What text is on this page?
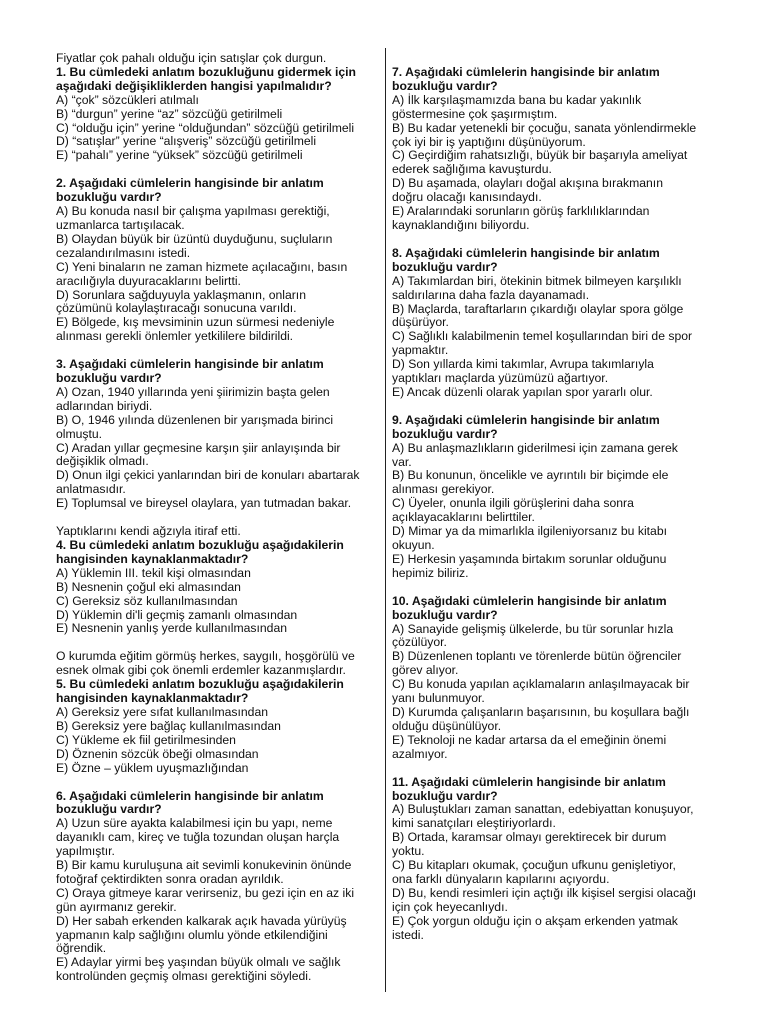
Fiyatlar çok pahalı olduğu için satışlar çok durgun.
1. Bu cümledeki anlatım bozukluğunu gidermek için
aşağıdaki değişikliklerden hangisi yapılmalıdır?
A) “çok” sözcükleri atılmalı
B) “durgun” yerine “az” sözcüğü getirilmeli
C) “olduğu için” yerine “olduğundan” sözcüğü getirilmeli
D) “satışlar” yerine “alışveriş” sözcüğü getirilmeli
E) “pahalı” yerine “yüksek” sözcüğü getirilmeli
2. Aşağıdaki cümlelerin hangisinde bir anlatım
bozukluğu vardır?
A) Bu konuda nasıl bir çalışma yapılması gerektiği,
uzmanlarca tartışılacak.
B) Olaydan büyük bir üzüntü duyduğunu, suçluların
cezalandırılmasını istedi.
C) Yeni binaların ne zaman hizmete açılacağını, basın
aracılığıyla duyuracaklarını belirtti.
D) Sorunlara sağduyuyla yaklaşmanın, onların
çözümünü kolaylaştıracağı sonucuna varıldı.
E) Bölgede, kış mevsiminin uzun sürmesi nedeniyle
alınması gerekli önlemler yetkililere bildirildi.
3. Aşağıdaki cümlelerin hangisinde bir anlatım
bozukluğu vardır?
A) Ozan, 1940 yıllarında yeni şiirimizin başta gelen
adlarından biriydi.
B) O, 1946 yılında düzenlenen bir yarışmada birinci
olmuştu.
C) Aradan yıllar geçmesine karşın şiir anlayışında bir
değişiklik olmadı.
D) Onun ilgi çekici yanlarından biri de konuları abartarak
anlatmasıdır.
E) Toplumsal ve bireysel olaylara, yan tutmadan bakar.
Yaptıklarını kendi ağzıyla itiraf etti.
4. Bu cümledeki anlatım bozukluğu aşağıdakilerin
hangisinden kaynaklanmaktadır?
A) Yüklemin III. tekil kişi olmasından
B) Nesnenin çoğul eki almasından
C) Gereksiz söz kullanılmasından
D) Yüklemin di'li geçmiş zamanlı olmasından
E) Nesnenin yanlış yerde kullanılmasından
O kurumda eğitim görmüş herkes, saygılı, hoşgörülü ve
esnek olmak gibi çok önemli erdemler kazanmışlardır.
5. Bu cümledeki anlatım bozukluğu aşağıdakilerin
hangisinden kaynaklanmaktadır?
A) Gereksiz yere sıfat kullanılmasından
B) Gereksiz yere bağlaç kullanılmasından
C) Yükleme ek fiil getirilmesinden
D) Öznenin sözcük öbeği olmasından
E) Özne – yüklem uyuşmazlığından
6. Aşağıdaki cümlelerin hangisinde bir anlatım
bozukluğu vardır?
A) Uzun süre ayakta kalabilmesi için bu yapı, neme
dayanıklı cam, kireç ve tuğla tozundan oluşan harçla
yapılmıştır.
B) Bir kamu kuruluşuna ait sevimli konukevinin önünde
fotoğraf çektirdikten sonra oradan ayrıldık.
C) Oraya gitmeye karar verirseniz, bu gezi için en az iki
gün ayırmanız gerekir.
D) Her sabah erkenden kalkarak açık havada yürüyüş
yapmanın kalp sağlığını olumlu yönde etkilendiğini
öğrendik.
E) Adaylar yirmi beş yaşından büyük olmalı ve sağlık
kontrolünden geçmiş olması gerektiğini söyledi.
7. Aşağıdaki cümlelerin hangisinde bir anlatım
bozukluğu vardır?
A) İlk karşılaşmamızda bana bu kadar yakınlık
göstermesine çok şaşırmıştım.
B) Bu kadar yetenekli bir çocuğu, sanata yönlendirmekle
çok iyi bir iş yaptığını düşünüyorum.
C) Geçirdiğim rahatsızlığı, büyük bir başarıyla ameliyat
ederek sağlığıma kavuşturdu.
D) Bu aşamada, olayları doğal akışına bırakmanın
doğru olacağı kanısındaydı.
E) Aralarındaki sorunların görüş farklılıklarından
kaynaklandığını biliyordu.
8. Aşağıdaki cümlelerin hangisinde bir anlatım
bozukluğu vardır?
A) Takımlardan biri, ötekinin bitmek bilmeyen karşılıklı
saldırılarına daha fazla dayanamadı.
B) Maçlarda, taraftarların çıkardığı olaylar spora gölge
düşürüyor.
C) Sağlıklı kalabilmenin temel koşullarından biri de spor
yapmaktır.
D) Son yıllarda kimi takımlar, Avrupa takımlarıyla
yaptıkları maçlarda yüzümüzü ağartıyor.
E) Ancak düzenli olarak yapılan spor yararlı olur.
9. Aşağıdaki cümlelerin hangisinde bir anlatım
bozukluğu vardır?
A) Bu anlaşmazlıkların giderilmesi için zamana gerek
var.
B) Bu konunun, öncelikle ve ayrıntılı bir biçimde ele
alınması gerekiyor.
C) Üyeler, onunla ilgili görüşlerini daha sonra
açıklayacaklarını belirttiler.
D) Mimar ya da mimarlıkla ilgileniyorsanız bu kitabı
okuyun.
E) Herkesin yaşamında birtakım sorunlar olduğunu
hepimiz biliriz.
10. Aşağıdaki cümlelerin hangisinde bir anlatım
bozukluğu vardır?
A) Sanayide gelişmiş ülkelerde, bu tür sorunlar hızla
çözülüyor.
B) Düzenlenen toplantı ve törenlerde bütün öğrenciler
görev alıyor.
C) Bu konuda yapılan açıklamaların anlaşılmayacak bir
yanı bulunmuyor.
D) Kurumda çalışanların başarısının, bu koşullara bağlı
olduğu düşünülüyor.
E) Teknoloji ne kadar artarsa da el emeğinin önemi
azalmıyor.
11. Aşağıdaki cümlelerin hangisinde bir anlatım
bozukluğu vardır?
A) Buluştukları zaman sanattan, edebiyattan konuşuyor,
kimi sanatçıları eleştiriyorlardı.
B) Ortada, karamsar olmayı gerektirecek bir durum
yoktu.
C) Bu kitapları okumak, çocuğun ufkunu genişletiyor,
ona farklı dünyaların kapılarını açıyordu.
D) Bu, kendi resimleri için açtığı ilk kişisel sergisi olacağı
için çok heyecanlıydı.
E) Çok yorgun olduğu için o akşam erkenden yatmak
istedi.
